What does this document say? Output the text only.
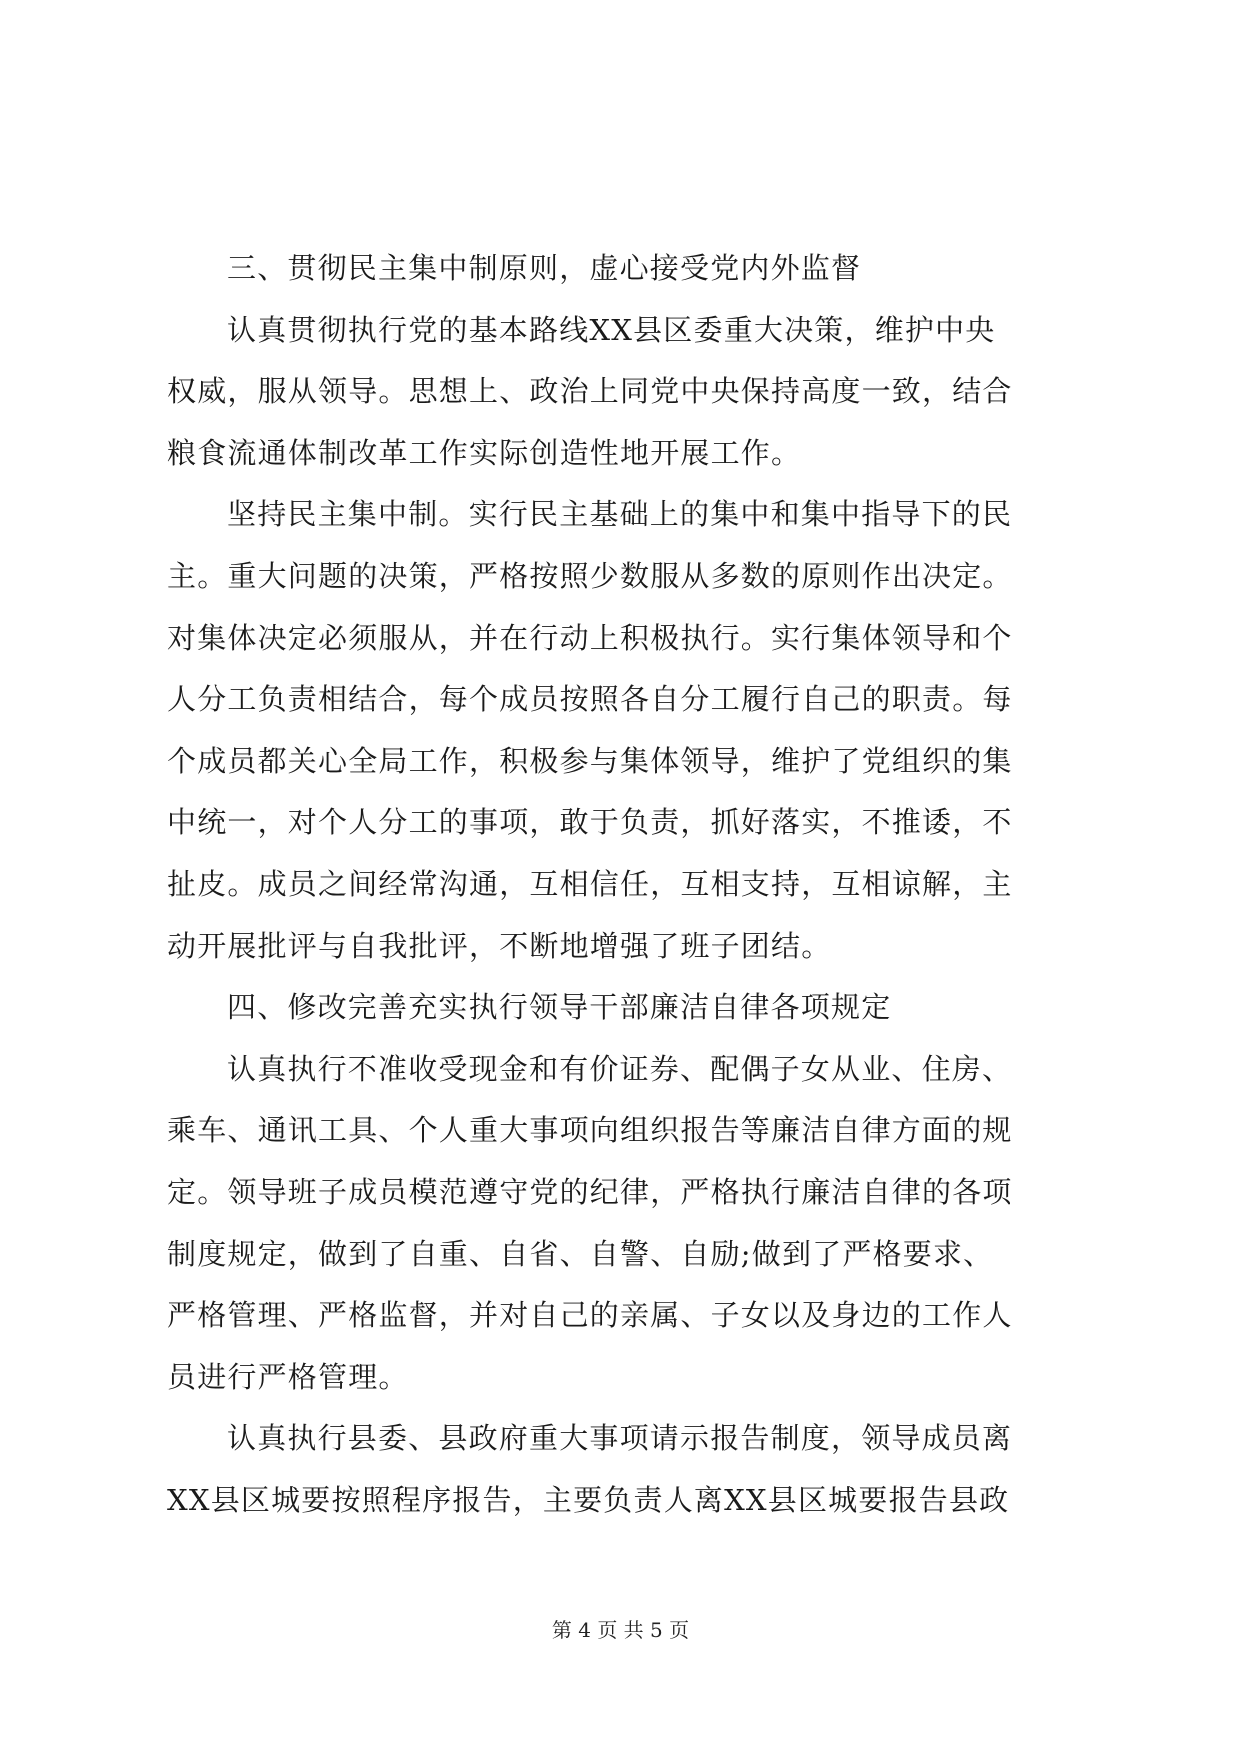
三、贯彻民主集中制原则，虚心接受党内外监督
认真贯彻执行党的基本路线XX县区委重大决策，维护中央
权威，服从领导。思想上、政治上同党中央保持高度一致，结合
粮食流通体制改革工作实际创造性地开展工作。
坚持民主集中制。实行民主基础上的集中和集中指导下的民
主。重大问题的决策，严格按照少数服从多数的原则作出决定。
对集体决定必须服从，并在行动上积极执行。实行集体领导和个
人分工负责相结合，每个成员按照各自分工履行自己的职责。每
个成员都关心全局工作，积极参与集体领导，维护了党组织的集
中统一，对个人分工的事项，敢于负责，抓好落实，不推诿，不
扯皮。成员之间经常沟通，互相信任，互相支持，互相谅解，主
动开展批评与自我批评，不断地增强了班子团结。
四、修改完善充实执行领导干部廉洁自律各项规定
认真执行不准收受现金和有价证券、配偶子女从业、住房、
乘车、通讯工具、个人重大事项向组织报告等廉洁自律方面的规
定。领导班子成员模范遵守党的纪律，严格执行廉洁自律的各项
制度规定，做到了自重、自省、自警、自励;做到了严格要求、
严格管理、严格监督，并对自己的亲属、子女以及身边的工作人
员进行严格管理。
认真执行县委、县政府重大事项请示报告制度，领导成员离
XX县区城要按照程序报告，主要负责人离XX县区城要报告县政
第 4 页 共 5 页
